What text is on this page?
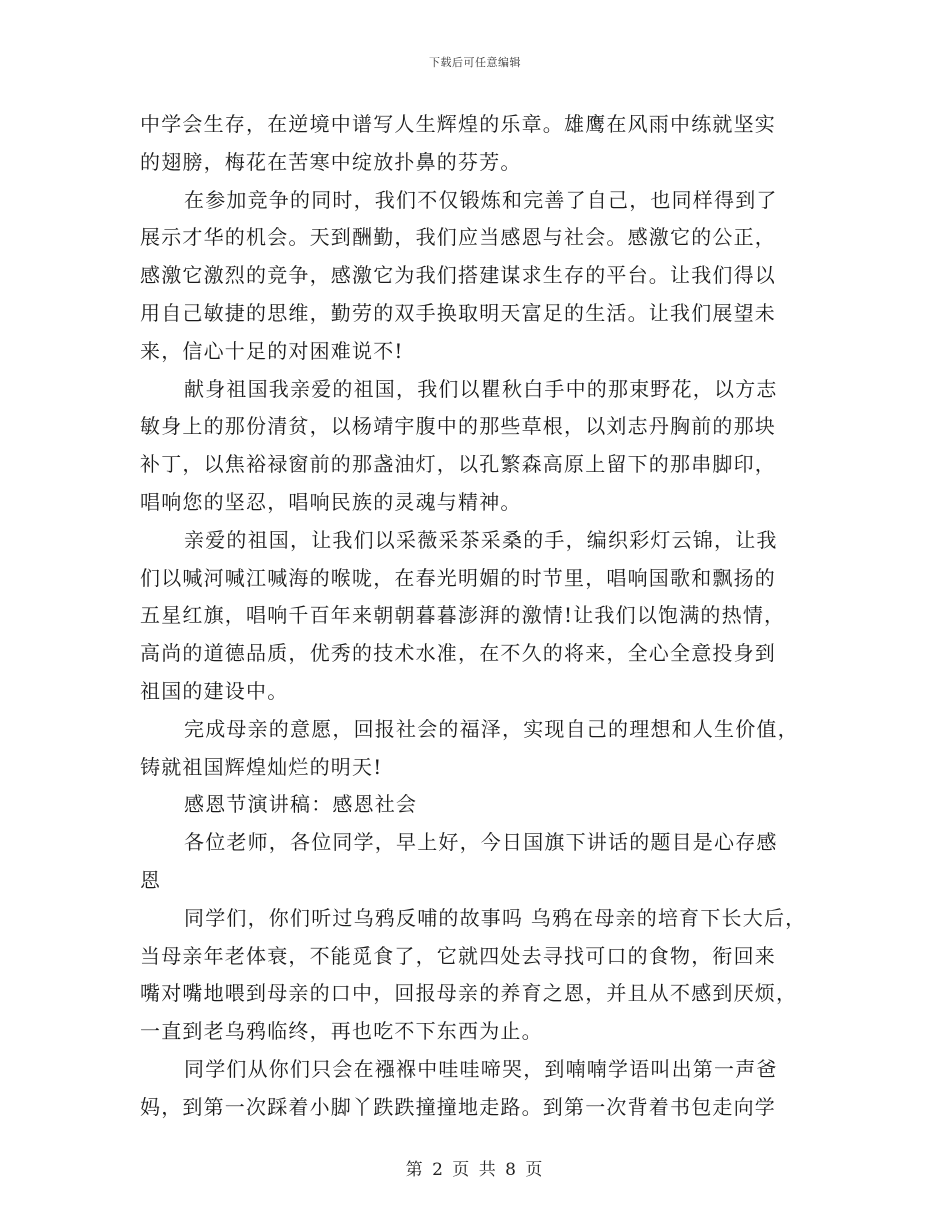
下载后可任意编辑
中学会生存，在逆境中谱写人生辉煌的乐章。雄鹰在风雨中练就坚实
的翅膀，梅花在苦寒中绽放扑鼻的芬芳。
在参加竞争的同时，我们不仅锻炼和完善了自己，也同样得到了
展示才华的机会。天到酬勤，我们应当感恩与社会。感激它的公正，
感激它激烈的竞争，感激它为我们搭建谋求生存的平台。让我们得以
用自己敏捷的思维，勤劳的双手换取明天富足的生活。让我们展望未
来，信心十足的对困难说不!
献身祖国我亲爱的祖国，我们以瞿秋白手中的那束野花，以方志
敏身上的那份清贫，以杨靖宇腹中的那些草根，以刘志丹胸前的那块
补丁，以焦裕禄窗前的那盏油灯，以孔繁森高原上留下的那串脚印，
唱响您的坚忍，唱响民族的灵魂与精神。
亲爱的祖国，让我们以采薇采茶采桑的手，编织彩灯云锦，让我
们以喊河喊江喊海的喉咙，在春光明媚的时节里，唱响国歌和飘扬的
五星红旗，唱响千百年来朝朝暮暮澎湃的激情!让我们以饱满的热情，
高尚的道德品质，优秀的技术水准，在不久的将来，全心全意投身到
祖国的建设中。
完成母亲的意愿，回报社会的福泽，实现自己的理想和人生价值，
铸就祖国辉煌灿烂的明天!
感恩节演讲稿：感恩社会
各位老师，各位同学，早上好，今日国旗下讲话的题目是心存感
恩
同学们，你们听过乌鸦反哺的故事吗 乌鸦在母亲的培育下长大后，
当母亲年老体衰，不能觅食了，它就四处去寻找可口的食物，衔回来
嘴对嘴地喂到母亲的口中，回报母亲的养育之恩，并且从不感到厌烦，
一直到老乌鸦临终，再也吃不下东西为止。
同学们从你们只会在襁褓中哇哇啼哭，到喃喃学语叫出第一声爸
妈，到第一次踩着小脚丫跌跌撞撞地走路。到第一次背着书包走向学
第 2 页 共 8 页
